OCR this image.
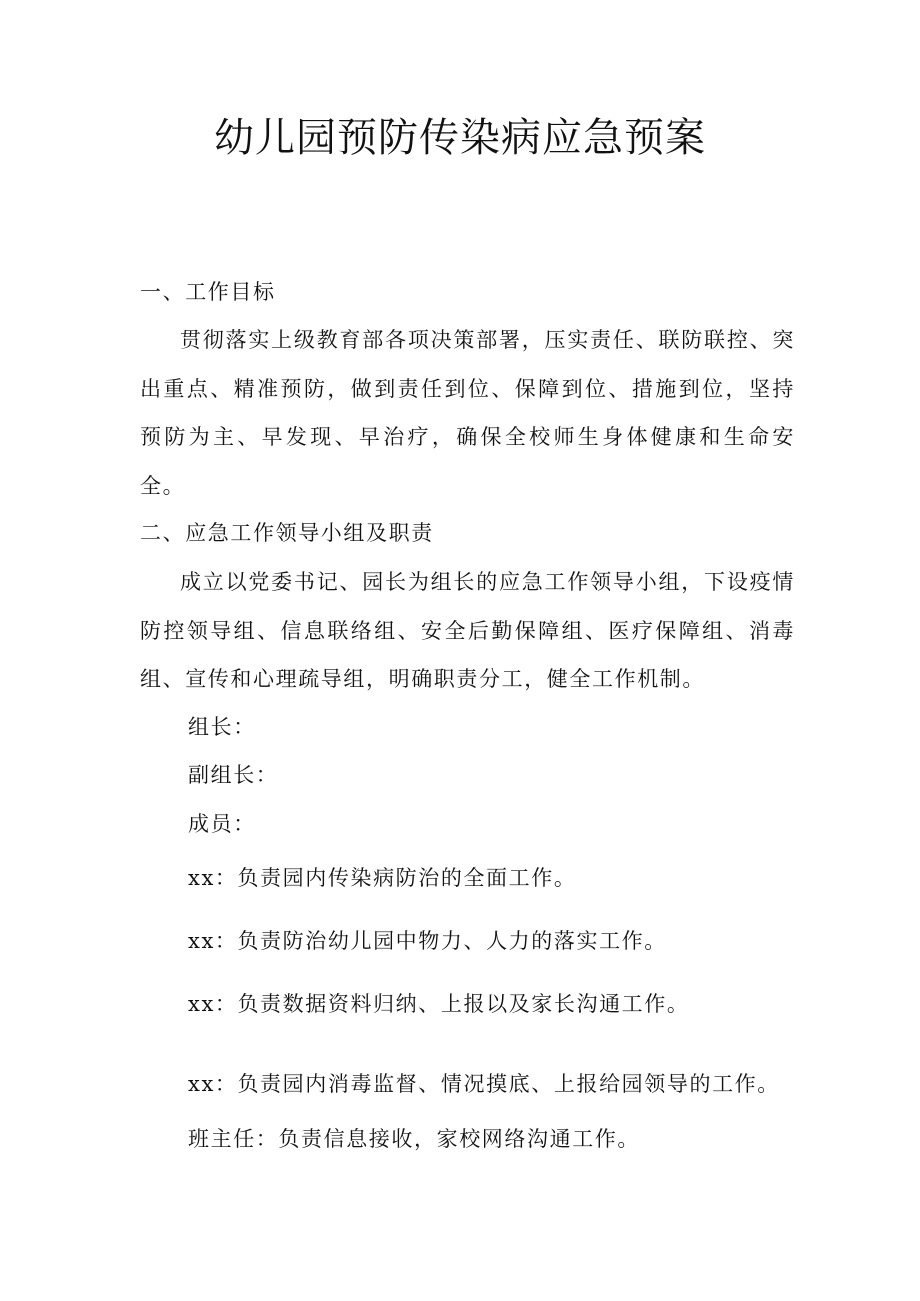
幼儿园预防传染病应急预案
一、工作目标
贯彻落实上级教育部各项决策部署，压实责任、联防联控、突出重点、精准预防，做到责任到位、保障到位、措施到位，坚持预防为主、早发现、早治疗，确保全校师生身体健康和生命安全。
二、应急工作领导小组及职责
成立以党委书记、园长为组长的应急工作领导小组，下设疫情防控领导组、信息联络组、安全后勤保障组、医疗保障组、消毒组、宣传和心理疏导组，明确职责分工，健全工作机制。
组长：
副组长：
成员：
xx：负责园内传染病防治的全面工作。
xx：负责防治幼儿园中物力、人力的落实工作。
xx：负责数据资料归纳、上报以及家长沟通工作。
xx：负责园内消毒监督、情况摸底、上报给园领导的工作。
班主任：负责信息接收，家校网络沟通工作。
